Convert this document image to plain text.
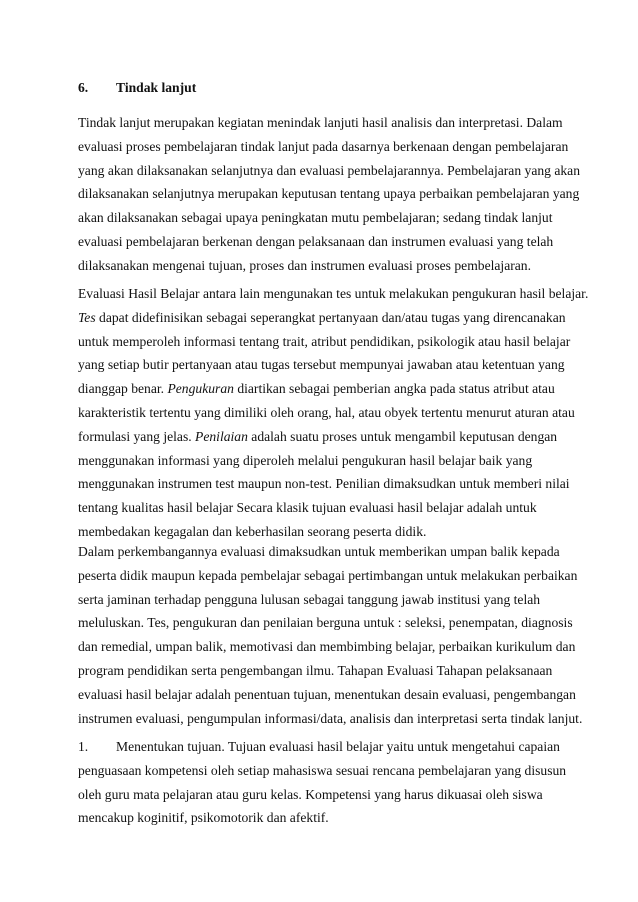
6. Tindak lanjut
Tindak lanjut merupakan kegiatan menindak lanjuti hasil analisis dan interpretasi. Dalam
evaluasi proses pembelajaran tindak lanjut pada dasarnya berkenaan dengan pembelajaran
yang akan dilaksanakan selanjutnya dan evaluasi pembelajarannya. Pembelajaran yang akan
dilaksanakan selanjutnya merupakan keputusan tentang upaya perbaikan pembelajaran yang
akan dilaksanakan sebagai upaya peningkatan mutu pembelajaran; sedang tindak lanjut
evaluasi pembelajaran berkenan dengan pelaksanaan dan instrumen evaluasi yang telah
dilaksanakan mengenai tujuan, proses dan instrumen evaluasi proses pembelajaran.
Evaluasi Hasil Belajar antara lain mengunakan tes untuk melakukan pengukuran hasil belajar.
Tes dapat didefinisikan sebagai seperangkat pertanyaan dan/atau tugas yang direncanakan
untuk memperoleh informasi tentang trait, atribut pendidikan, psikologik atau hasil belajar
yang setiap butir pertanyaan atau tugas tersebut mempunyai jawaban atau ketentuan yang
dianggap benar. Pengukuran diartikan sebagai pemberian angka pada status atribut atau
karakteristik tertentu yang dimiliki oleh orang, hal, atau obyek tertentu menurut aturan atau
formulasi yang jelas. Penilaian adalah suatu proses untuk mengambil keputusan dengan
menggunakan informasi yang diperoleh melalui pengukuran hasil belajar baik yang
menggunakan instrumen test maupun non-test. Penilian dimaksudkan untuk memberi nilai
tentang kualitas hasil belajar Secara klasik tujuan evaluasi hasil belajar adalah untuk
membedakan kegagalan dan keberhasilan seorang peserta didik.
Dalam perkembangannya evaluasi dimaksudkan untuk memberikan umpan balik kepada
peserta didik maupun kepada pembelajar sebagai pertimbangan untuk melakukan perbaikan
serta jaminan terhadap pengguna lulusan sebagai tanggung jawab institusi yang telah
meluluskan. Tes, pengukuran dan penilaian berguna untuk : seleksi, penempatan, diagnosis
dan remedial, umpan balik, memotivasi dan membimbing belajar, perbaikan kurikulum dan
program pendidikan serta pengembangan ilmu. Tahapan Evaluasi Tahapan pelaksanaan
evaluasi hasil belajar adalah penentuan tujuan, menentukan desain evaluasi, pengembangan
instrumen evaluasi, pengumpulan informasi/data, analisis dan interpretasi serta tindak lanjut.
1. Menentukan tujuan. Tujuan evaluasi hasil belajar yaitu untuk mengetahui capaian
penguasaan kompetensi oleh setiap mahasiswa sesuai rencana pembelajaran yang disusun
oleh guru mata pelajaran atau guru kelas. Kompetensi yang harus dikuasai oleh siswa
mencakup koginitif, psikomotorik dan afektif.
